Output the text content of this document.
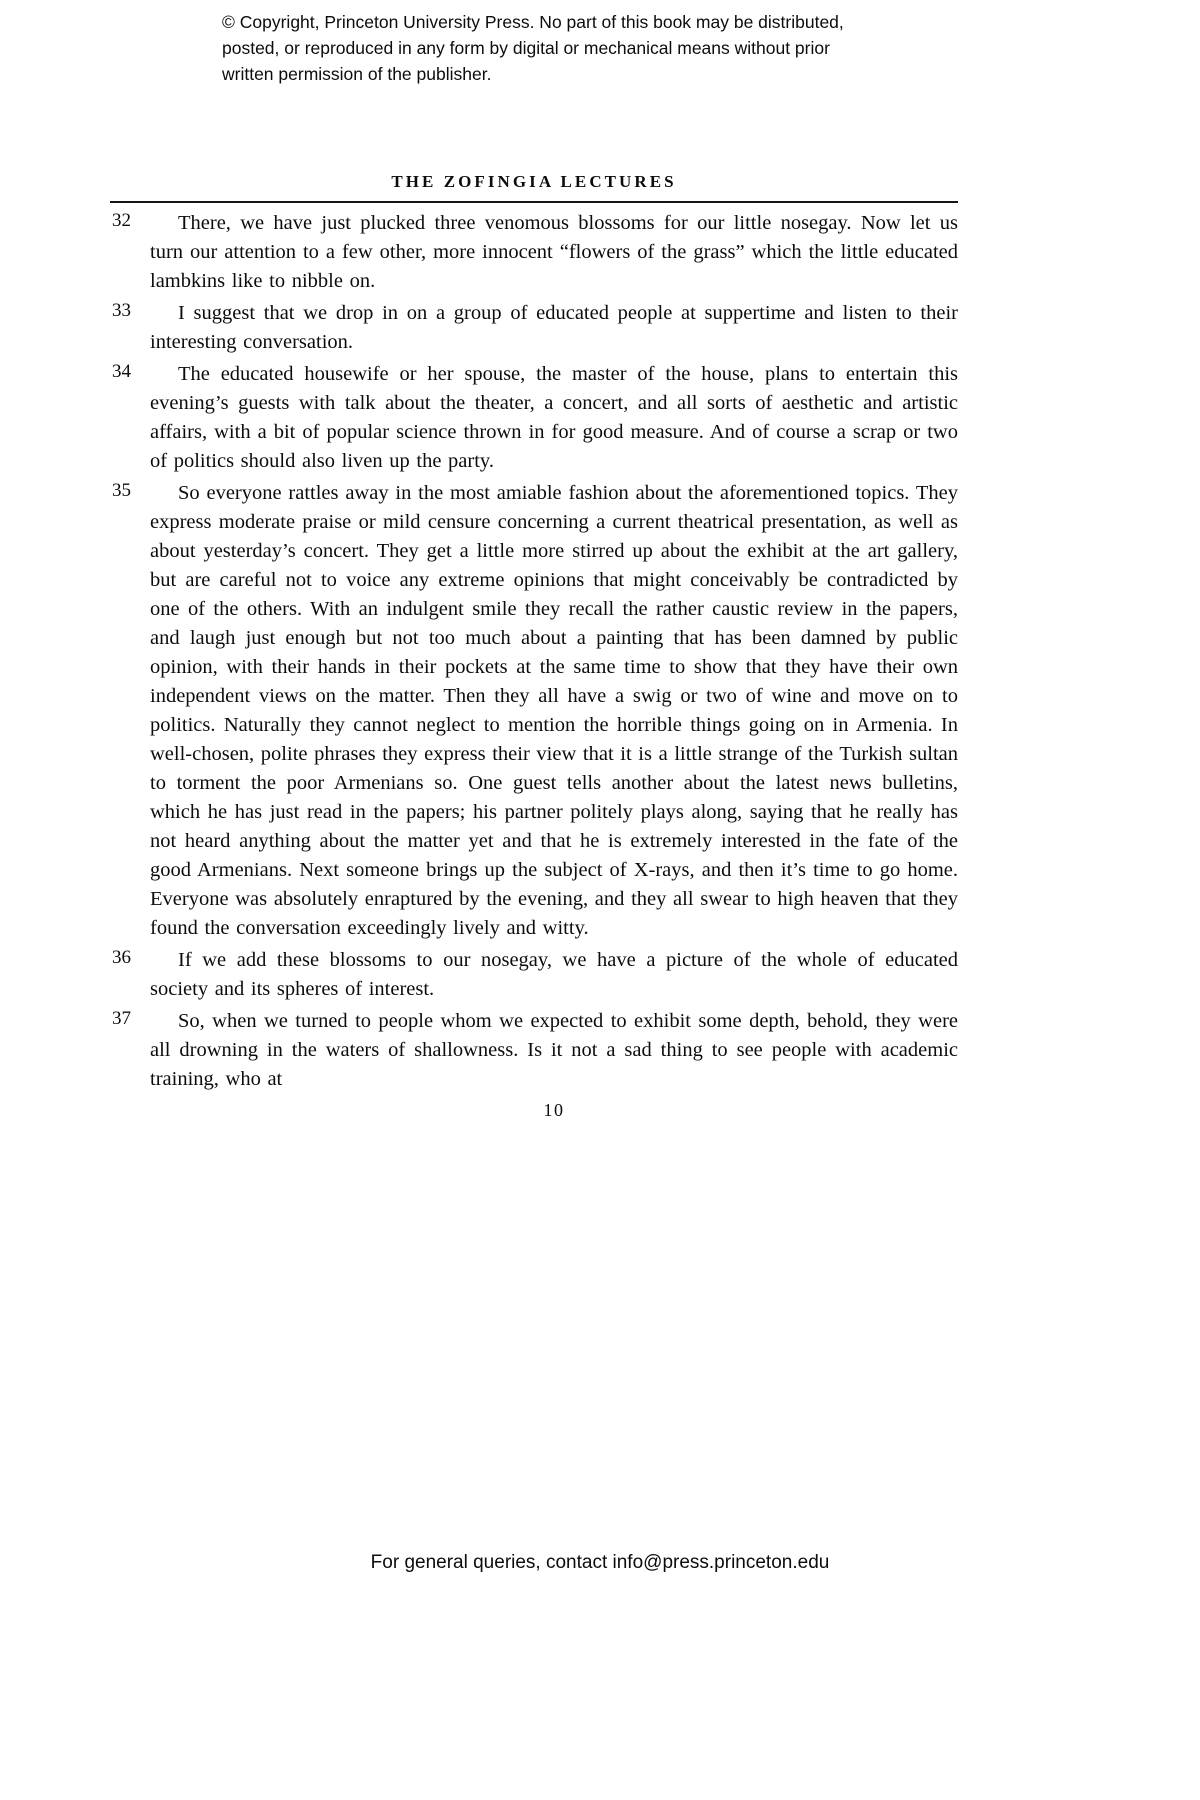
© Copyright, Princeton University Press. No part of this book may be distributed, posted, or reproduced in any form by digital or mechanical means without prior written permission of the publisher.
THE ZOFINGIA LECTURES
32	There, we have just plucked three venomous blossoms for our little nosegay. Now let us turn our attention to a few other, more innocent “flowers of the grass” which the little educated lambkins like to nibble on.
33	I suggest that we drop in on a group of educated people at suppertime and listen to their interesting conversation.
34	The educated housewife or her spouse, the master of the house, plans to entertain this evening’s guests with talk about the theater, a concert, and all sorts of aesthetic and artistic affairs, with a bit of popular science thrown in for good measure. And of course a scrap or two of politics should also liven up the party.
35	So everyone rattles away in the most amiable fashion about the aforementioned topics. They express moderate praise or mild censure concerning a current theatrical presentation, as well as about yesterday’s concert. They get a little more stirred up about the exhibit at the art gallery, but are careful not to voice any extreme opinions that might conceivably be contradicted by one of the others. With an indulgent smile they recall the rather caustic review in the papers, and laugh just enough but not too much about a painting that has been damned by public opinion, with their hands in their pockets at the same time to show that they have their own independent views on the matter. Then they all have a swig or two of wine and move on to politics. Naturally they cannot neglect to mention the horrible things going on in Armenia. In well-chosen, polite phrases they express their view that it is a little strange of the Turkish sultan to torment the poor Armenians so. One guest tells another about the latest news bulletins, which he has just read in the papers; his partner politely plays along, saying that he really has not heard anything about the matter yet and that he is extremely interested in the fate of the good Armenians. Next someone brings up the subject of X-rays, and then it’s time to go home. Everyone was absolutely enraptured by the evening, and they all swear to high heaven that they found the conversation exceedingly lively and witty.
36	If we add these blossoms to our nosegay, we have a picture of the whole of educated society and its spheres of interest.
37	So, when we turned to people whom we expected to exhibit some depth, behold, they were all drowning in the waters of shallowness. Is it not a sad thing to see people with academic training, who at
10
For general queries, contact info@press.princeton.edu
